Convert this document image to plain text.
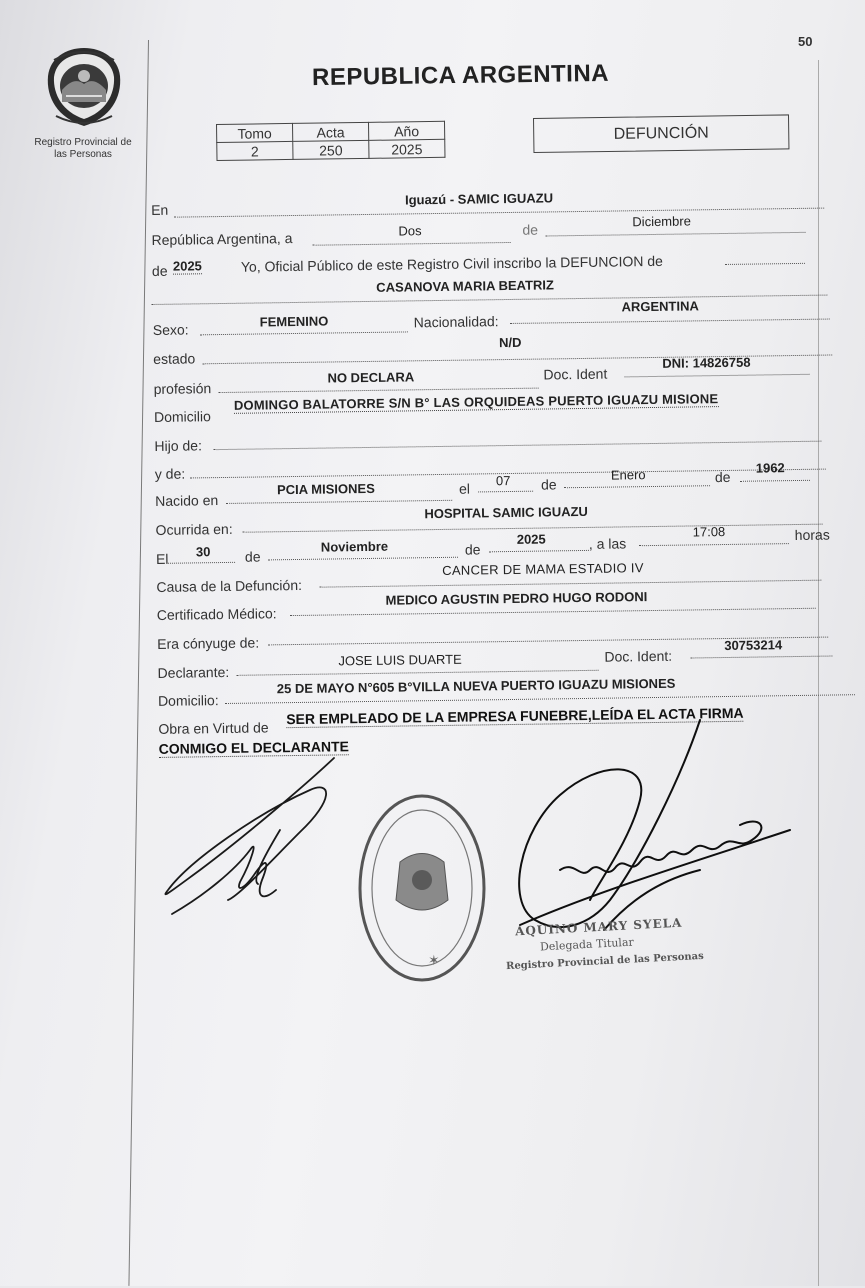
50
Registro Provincial de
las Personas
REPUBLICA ARGENTINA
Tomo	Acta	Año
2	250	2025
DEFUNCIÓN
En
Iguazú - SAMIC IGUAZU
República Argentina, a	Dos	de
Diciembre
de 2025	Yo, Oficial Público de este Registro Civil inscribo la DEFUNCION de
CASANOVA MARIA BEATRIZ
Sexo:	FEMENINO	Nacionalidad:
ARGENTINA
estado
N/D
profesión
NO DECLARA	Doc. Ident
DNI: 14826758
Domicilio
DOMINGO BALATORRE S/N B° LAS ORQUIDEAS PUERTO IGUAZU MISIONE
Hijo de:
y de:
Nacido en
PCIA MISIONES	el 07 de
Enero	de
1962
Ocurrida en:
HOSPITAL SAMIC IGUAZU
El 30 de
Noviembre	de
2025	, a las
17:08	horas
Causa de la Defunción:
CANCER DE MAMA ESTADIO IV
Certificado Médico:
MEDICO AGUSTIN PEDRO HUGO RODONI
Era cónyuge de:
Declarante:
JOSE LUIS DUARTE	Doc. Ident:
30753214
Domicilio:
25 DE MAYO N°605 B°VILLA NUEVA PUERTO IGUAZU MISIONES
Obra en Virtud de
SER EMPLEADO DE LA EMPRESA FUNEBRE,LEÍDA EL ACTA FIRMA
CONMIGO EL DECLARANTE
✶
AQUINO MARY SYELA
Delegada Titular
Registro Provincial de las Personas
